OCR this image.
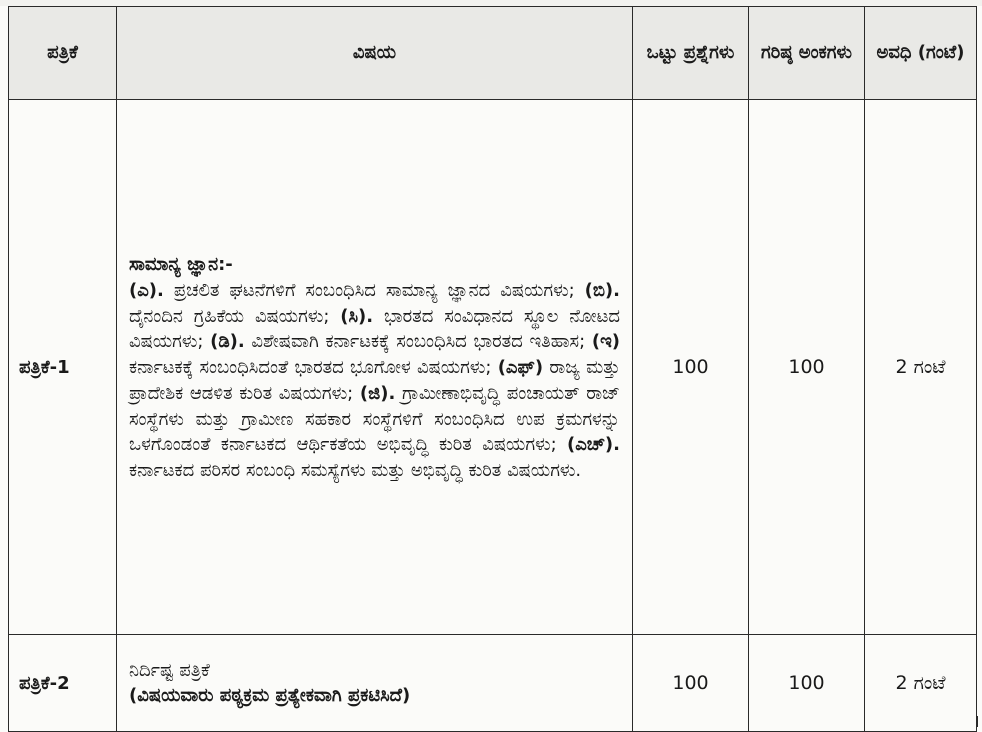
ಪತ್ರಿಕೆ	ವಿಷಯ	ಒಟ್ಟು ಪ್ರಶ್ನೆಗಳು	ಗರಿಷ್ಠ ಅಂಕಗಳು	ಅವಧಿ (ಗಂಟೆ)
ಪತ್ರಿಕೆ-1	ಸಾಮಾನ್ಯ ಜ್ಞಾನ:-
(ಎ). ಪ್ರಚಲಿತ ಘಟನೆಗಳಿಗೆ ಸಂಬಂಧಿಸಿದ ಸಾಮಾನ್ಯ ಜ್ಞಾನದ ವಿಷಯಗಳು; (ಬಿ). ದೈನಂದಿನ ಗ್ರಹಿಕೆಯ ವಿಷಯಗಳು; (ಸಿ). ಭಾರತದ ಸಂವಿಧಾನದ ಸ್ಥೂಲ ನೋಟದ ವಿಷಯಗಳು; (ಡಿ). ವಿಶೇಷವಾಗಿ ಕರ್ನಾಟಕಕ್ಕೆ ಸಂಬಂಧಿಸಿದ ಭಾರತದ ಇತಿಹಾಸ; (ಇ) ಕರ್ನಾಟಕಕ್ಕೆ ಸಂಬಂಧಿಸಿದಂತೆ ಭಾರತದ ಭೂಗೋಳ ವಿಷಯಗಳು; (ಎಫ್) ರಾಜ್ಯ ಮತ್ತು ಪ್ರಾದೇಶಿಕ ಆಡಳಿತ ಕುರಿತ ವಿಷಯಗಳು; (ಜಿ). ಗ್ರಾಮೀಣಾಭಿವೃದ್ಧಿ ಪಂಚಾಯತ್ ರಾಜ್ ಸಂಸ್ಥೆಗಳು ಮತ್ತು ಗ್ರಾಮೀಣ ಸಹಕಾರ ಸಂಸ್ಥೆಗಳಿಗೆ ಸಂಬಂಧಿಸಿದ ಉಪ ಕ್ರಮಗಳನ್ನು ಒಳಗೊಂಡಂತೆ ಕರ್ನಾಟಕದ ಆರ್ಥಿಕತೆಯ ಅಭಿವೃದ್ಧಿ ಕುರಿತ ವಿಷಯಗಳು; (ಎಚ್). ಕರ್ನಾಟಕದ ಪರಿಸರ ಸಂಬಂಧಿ ಸಮಸ್ಯೆಗಳು ಮತ್ತು ಅಭಿವೃದ್ಧಿ ಕುರಿತ ವಿಷಯಗಳು.	100	100	2 ಗಂಟೆ
ಪತ್ರಿಕೆ-2	ನಿರ್ದಿಷ್ಟ ಪತ್ರಿಕೆ
(ವಿಷಯವಾರು ಪಠ್ಯಕ್ರಮ ಪ್ರತ್ಯೇಕವಾಗಿ ಪ್ರಕಟಿಸಿದೆ)	100	100	2 ಗಂಟೆ
